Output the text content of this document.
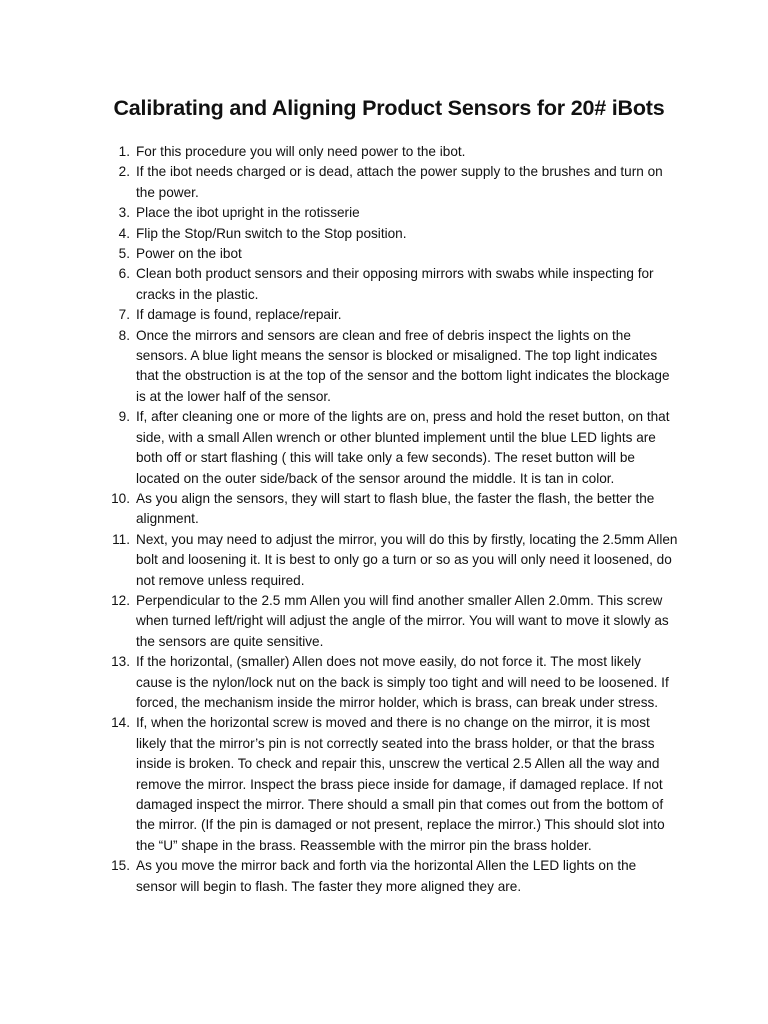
Calibrating and Aligning Product Sensors for 20# iBots
1. For this procedure you will only need power to the ibot.
2. If the ibot needs charged or is dead, attach the power supply to the brushes and turn on the power.
3. Place the ibot upright in the rotisserie
4. Flip the Stop/Run switch to the Stop position.
5. Power on the ibot
6. Clean both product sensors and their opposing mirrors with swabs while inspecting for cracks in the plastic.
7. If damage is found, replace/repair.
8. Once the mirrors and sensors are clean and free of debris inspect the lights on the sensors. A blue light means the sensor is blocked or misaligned. The top light indicates that the obstruction is at the top of the sensor and the bottom light indicates the blockage is at the lower half of the sensor.
9. If, after cleaning one or more of the lights are on, press and hold the reset button, on that side, with a small Allen wrench or other blunted implement until the blue LED lights are both off or start flashing ( this will take only a few seconds). The reset button will be located on the outer side/back of the sensor around the middle. It is tan in color.
10. As you align the sensors, they will start to flash blue, the faster the flash, the better the alignment.
11. Next, you may need to adjust the mirror, you will do this by firstly, locating the 2.5mm Allen bolt and loosening it. It is best to only go a turn or so as you will only need it loosened, do not remove unless required.
12. Perpendicular to the 2.5 mm Allen you will find another smaller Allen 2.0mm. This screw when turned left/right will adjust the angle of the mirror. You will want to move it slowly as the sensors are quite sensitive.
13. If the horizontal, (smaller) Allen does not move easily, do not force it. The most likely cause is the nylon/lock nut on the back is simply too tight and will need to be loosened. If forced, the mechanism inside the mirror holder, which is brass, can break under stress.
14. If, when the horizontal screw is moved and there is no change on the mirror, it is most likely that the mirror’s pin is not correctly seated into the brass holder, or that the brass inside is broken. To check and repair this, unscrew the vertical 2.5 Allen all the way and remove the mirror. Inspect the brass piece inside for damage, if damaged replace. If not damaged inspect the mirror. There should a small pin that comes out from the bottom of the mirror. (If the pin is damaged or not present, replace the mirror.) This should slot into the “U” shape in the brass. Reassemble with the mirror pin the brass holder.
15. As you move the mirror back and forth via the horizontal Allen the LED lights on the sensor will begin to flash. The faster they more aligned they are.
